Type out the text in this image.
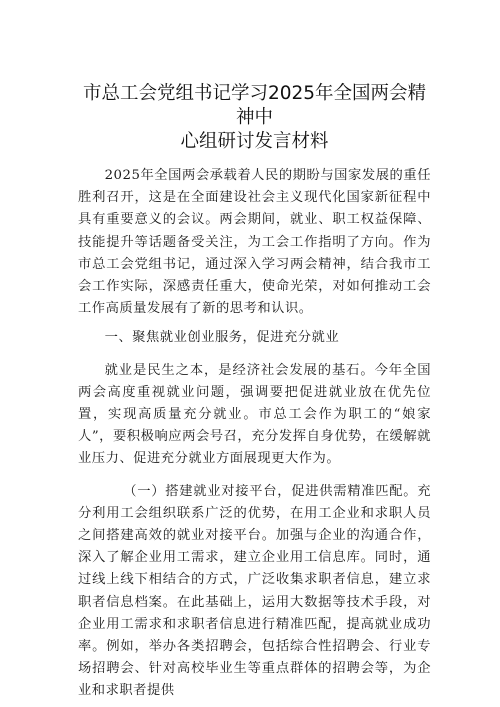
市总工会党组书记学习2025年全国两会精神中
心组研讨发言材料

2025年全国两会承载着人民的期盼与国家发展的重任胜利召开，这是在全面建设社会主义现代化国家新征程中具有重要意义的会议。两会期间，就业、职工权益保障、技能提升等话题备受关注，为工会工作指明了方向。作为市总工会党组书记，通过深入学习两会精神，结合我市工会工作实际，深感责任重大，使命光荣，对如何推动工会工作高质量发展有了新的思考和认识。

一、聚焦就业创业服务，促进充分就业

就业是民生之本，是经济社会发展的基石。今年全国两会高度重视就业问题，强调要把促进就业放在优先位置，实现高质量充分就业。市总工会作为职工的“娘家人”，要积极响应两会号召，充分发挥自身优势，在缓解就业压力、促进充分就业方面展现更大作为。

（一）搭建就业对接平台，促进供需精准匹配。充分利用工会组织联系广泛的优势，在用工企业和求职人员之间搭建高效的就业对接平台。加强与企业的沟通合作，深入了解企业用工需求，建立企业用工信息库。同时，通过线上线下相结合的方式，广泛收集求职者信息，建立求职者信息档案。在此基础上，运用大数据等技术手段，对企业用工需求和求职者信息进行精准匹配，提高就业成功率。例如，举办各类招聘会，包括综合性招聘会、行业专场招聘会、针对高校毕业生等重点群体的招聘会等，为企业和求职者提供
